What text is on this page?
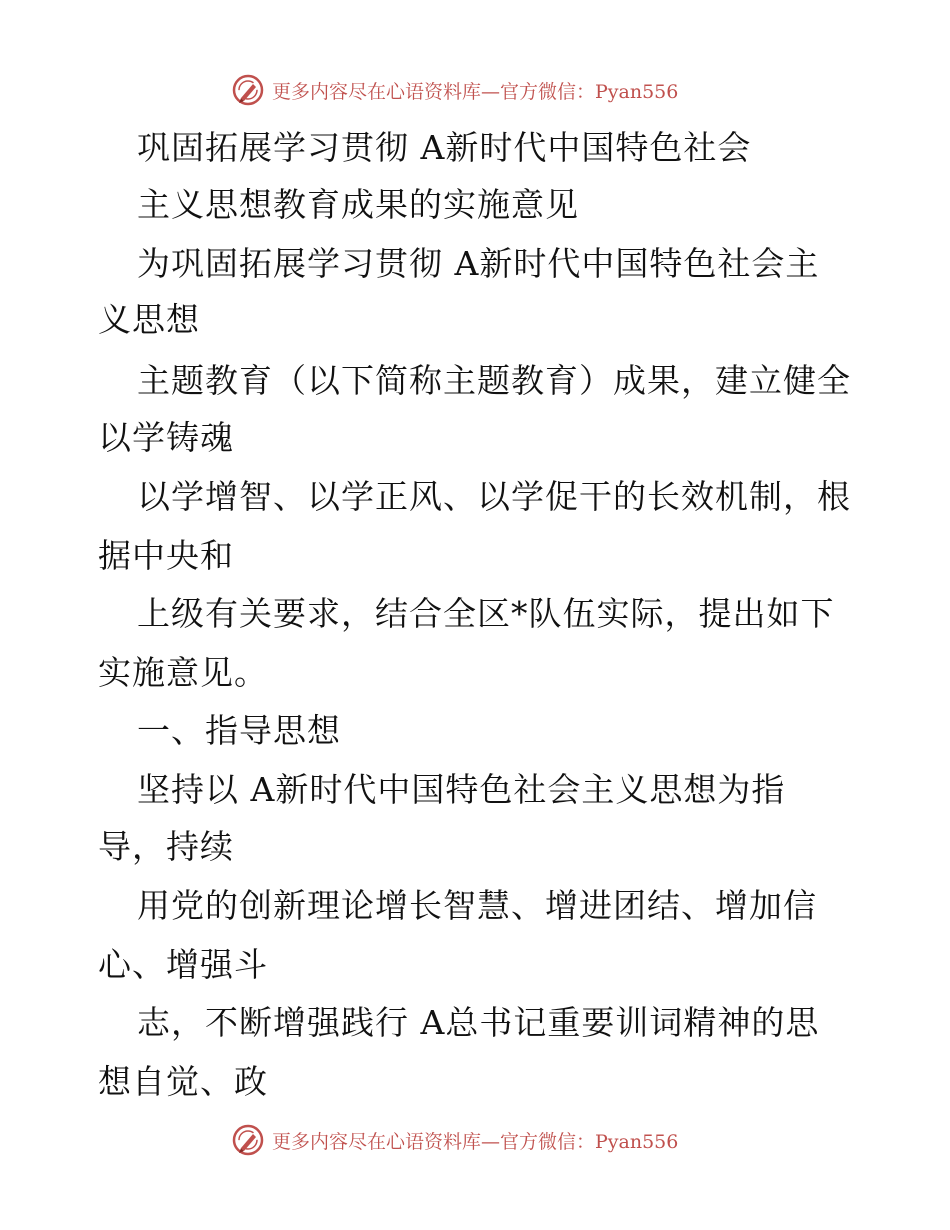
更多内容尽在心语资料库—官方微信：Pyan556
巩固拓展学习贯彻 A新时代中国特色社会
主义思想教育成果的实施意见
为巩固拓展学习贯彻 A新时代中国特色社会主
义思想
主题教育（以下简称主题教育）成果，建立健全
以学铸魂
以学增智、以学正风、以学促干的长效机制，根
据中央和
上级有关要求，结合全区*队伍实际，提出如下
实施意见。
一、指导思想
坚持以 A新时代中国特色社会主义思想为指
导，持续
用党的创新理论增长智慧、增进团结、增加信
心、增强斗
志，不断增强践行 A总书记重要训词精神的思
想自觉、政
更多内容尽在心语资料库—官方微信：Pyan556
